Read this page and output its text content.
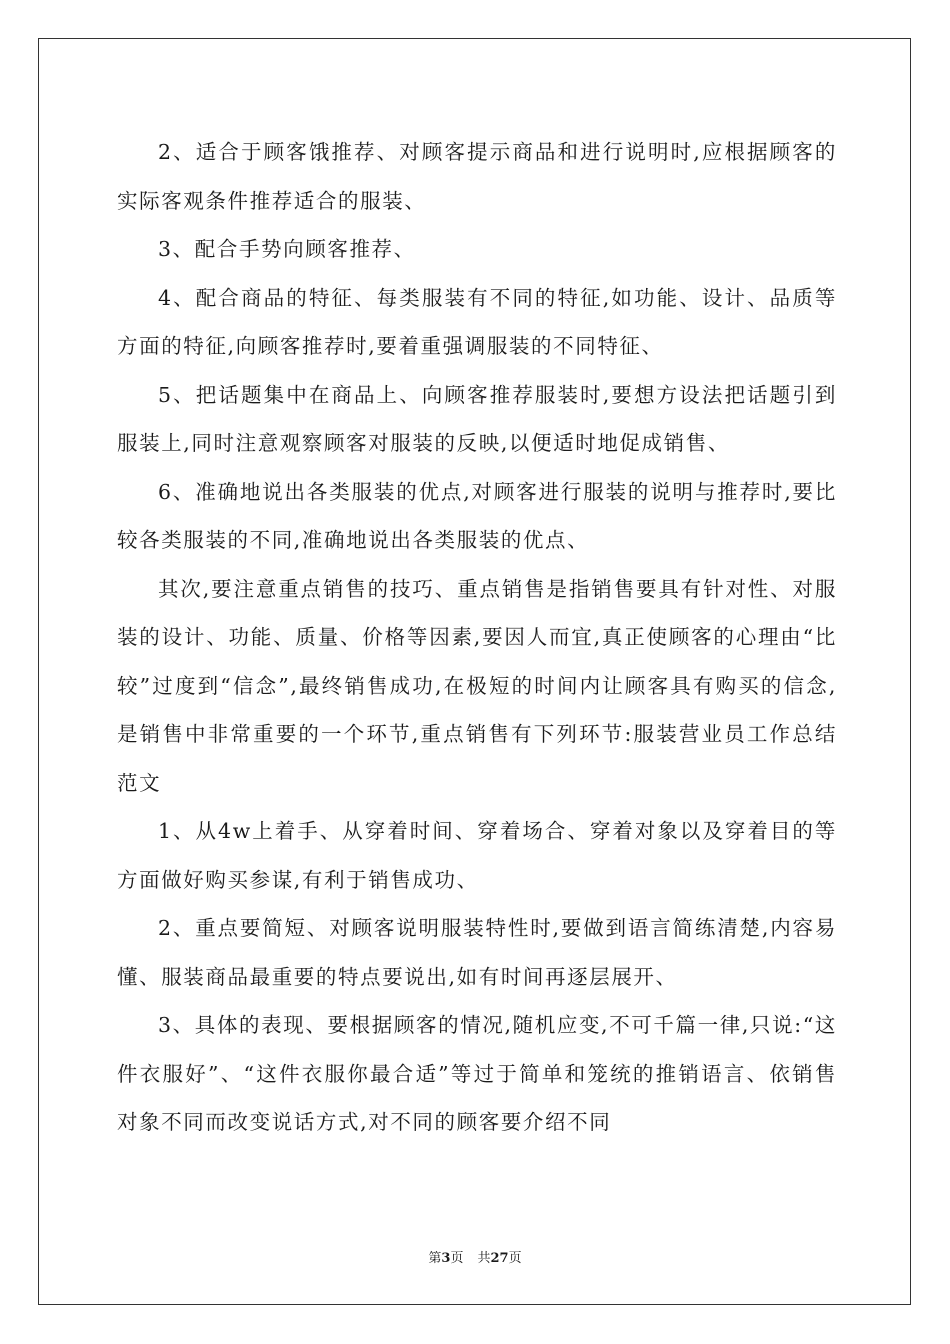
2、适合于顾客饿推荐、对顾客提示商品和进行说明时,应根据顾客的实际客观条件推荐适合的服装、

3、配合手势向顾客推荐、

4、配合商品的特征、每类服装有不同的特征,如功能、设计、品质等方面的特征,向顾客推荐时,要着重强调服装的不同特征、

5、把话题集中在商品上、向顾客推荐服装时,要想方设法把话题引到服装上,同时注意观察顾客对服装的反映,以便适时地促成销售、

6、准确地说出各类服装的优点,对顾客进行服装的说明与推荐时,要比较各类服装的不同,准确地说出各类服装的优点、

其次,要注意重点销售的技巧、重点销售是指销售要具有针对性、对服装的设计、功能、质量、价格等因素,要因人而宜,真正使顾客的心理由“比较”过度到“信念”,最终销售成功,在极短的时间内让顾客具有购买的信念,是销售中非常重要的一个环节,重点销售有下列环节:服装营业员工作总结范文

1、从4w上着手、从穿着时间、穿着场合、穿着对象以及穿着目的等方面做好购买参谋,有利于销售成功、

2、重点要简短、对顾客说明服装特性时,要做到语言简练清楚,内容易懂、服装商品最重要的特点要说出,如有时间再逐层展开、

3、具体的表现、要根据顾客的情况,随机应变,不可千篇一律,只说:“这件衣服好”、“这件衣服你最合适”等过于简单和笼统的推销语言、依销售对象不同而改变说话方式,对不同的顾客要介绍不同

第3页 共27页
